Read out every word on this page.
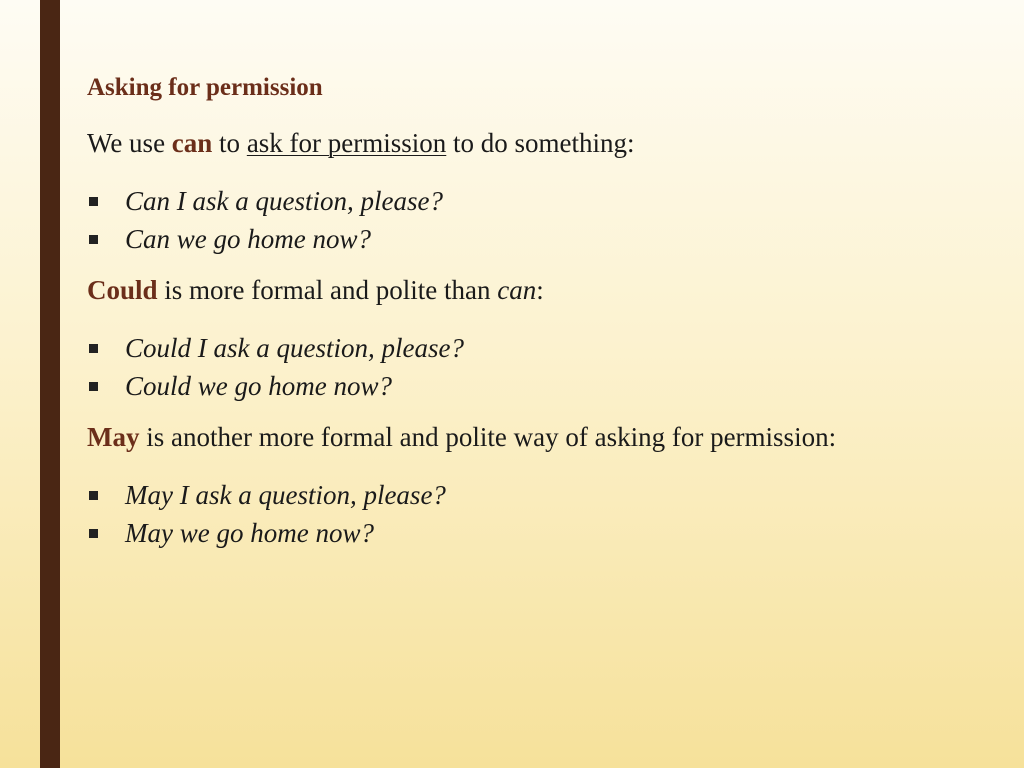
Asking for permission
We use can to ask for permission to do something:
Can I ask a question, please?
Can we go home now?
Could is more formal and polite than can:
Could I ask a question, please?
Could we go home now?
May is another more formal and polite way of asking for permission:
May I ask a question, please?
May we go home now?
